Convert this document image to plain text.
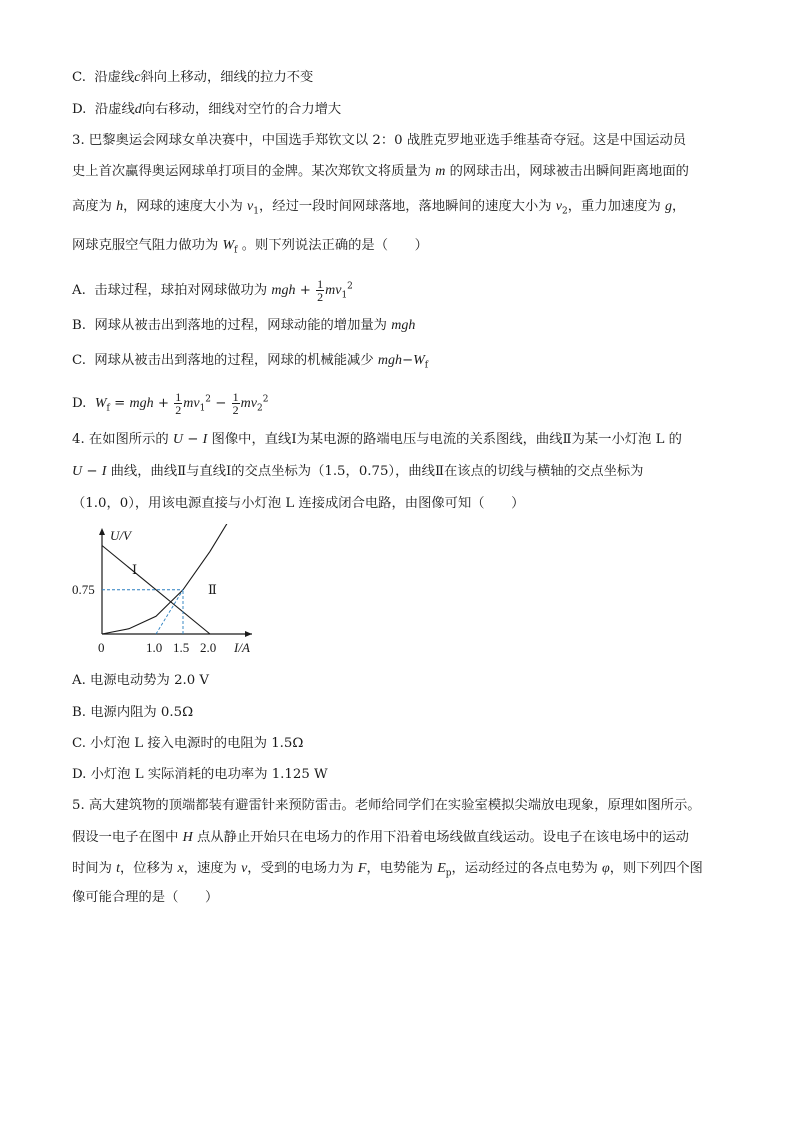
C.  沿虚线c斜向上移动，细线的拉力不变
D.  沿虚线d向右移动，细线对空竹的合力增大
3. 巴黎奥运会网球女单决赛中，中国选手郑钦文以 2：0 战胜克罗地亚选手维基奇夺冠。这是中国运动员
史上首次赢得奥运网球单打项目的金牌。某次郑钦文将质量为 m 的网球击出，网球被击出瞬间距离地面的
高度为 h，网球的速度大小为 $v_1$，经过一段时间网球落地，落地瞬间的速度大小为 $v_2$，重力加速度为 g，
网球克服空气阻力做功为 $W_f$ 。则下列说法正确的是（　　）
A.  击球过程，球拍对网球做功为 mgh + $\frac{1}{2} mv_1^2$
B.  网球从被击出到落地的过程，网球动能的增加量为 mgh
C.  网球从被击出到落地的过程，网球的机械能减少 $mgh-W_f$
D.  $W_f$ = mgh + $\frac{1}{2} mv_1^2 - \frac{1}{2} mv_2^2$
4. 在如图所示的 U − I 图像中，直线Ⅰ为某电源的路端电压与电流的关系图线，曲线Ⅱ为某一小灯泡 L 的
U − I 曲线，曲线Ⅱ与直线Ⅰ的交点坐标为（1.5，0.75），曲线Ⅱ在该点的切线与横轴的交点坐标为
（1.0，0），用该电源直接与小灯泡 L 连接成闭合电路，由图像可知（　　）
U/V
I/A
0	1.0 1.5 2.0
0.75
Ⅰ
Ⅱ
A. 电源电动势为 2.0 V
B. 电源内阻为 0.5Ω
C. 小灯泡 L 接入电源时的电阻为 1.5Ω
D. 小灯泡 L 实际消耗的电功率为 1.125 W
5. 高大建筑物的顶端都装有避雷针来预防雷击。老师给同学们在实验室模拟尖端放电现象，原理如图所示。
假设一电子在图中 H 点从静止开始只在电场力的作用下沿着电场线做直线运动。设电子在该电场中的运动
时间为 t，位移为 x，速度为 v，受到的电场力为 F，电势能为 $E_p$，运动经过的各点电势为 φ，则下列四个图
像可能合理的是（　　）
